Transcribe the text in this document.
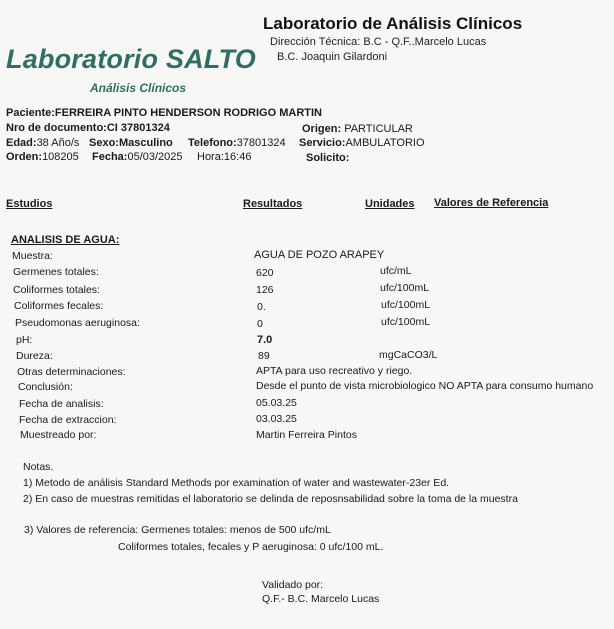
Laboratorio de Análisis Clínicos
Dirección Técnica: B.C - Q.F..Marcelo Lucas
B.C. Joaquin Gilardoni
Laboratorio SALTO
Análisis Clínicos
Paciente:FERREIRA PINTO HENDERSON RODRIGO MARTIN
Nro de documento:CI 37801324	Origen: PARTICULAR
Edad:38 Año/s Sexo:Masculino Telefono:37801324 Servicio:AMBULATORIO
Orden:108205 Fecha:05/03/2025 Hora:16:46	Solicito:
Estudios	Resultados	Unidades Valores de Referencia
ANALISIS DE AGUA:
Muestra:	AGUA DE POZO ARAPEY
Germenes totales:	620	ufc/mL
Coliformes totales:	126	ufc/100mL
Coliformes fecales:	0.	ufc/100mL
Pseudomonas aeruginosa:	0	ufc/100mL
pH:	7.0
Dureza:	89	mgCaCO3/L
Otras determinaciones:	APTA para uso recreativo y riego.
Conclusión:	Desde el punto de vista microbiologico NO APTA para consumo humano
Fecha de analisis:	05.03.25
Fecha de extraccion:	03.03.25
Muestreado por:	Martin Ferreira Pintos
Notas.
1) Metodo de análisis Standard Methods por examination of water and wastewater-23er Ed.
2) En caso de muestras remitidas el laboratorio se delinda de reposnsabilidad sobre la toma de la muestra
3) Valores de referencia: Germenes totales: menos de 500 ufc/mL
Coliformes totales, fecales y P aeruginosa: 0 ufc/100 mL.
Validado por:
Q.F.- B.C. Marcelo Lucas
